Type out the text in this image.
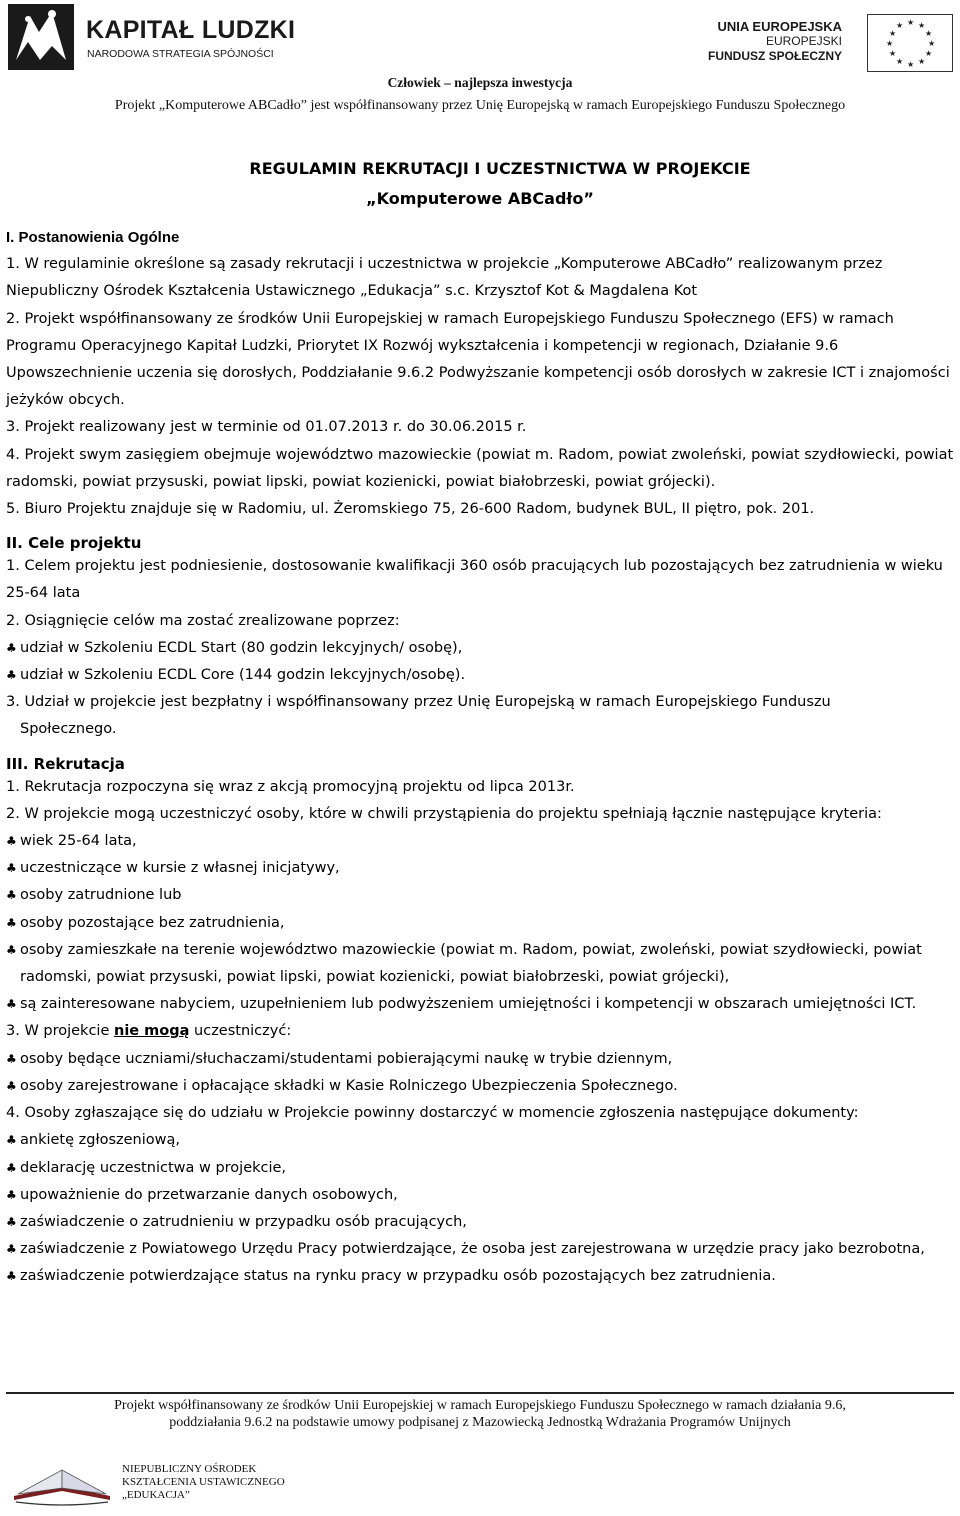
KAPITAŁ LUDZKI
NARODOWA STRATEGIA SPÓJNOŚCI
UNIA EUROPEJSKA
EUROPEJSKI
FUNDUSZ SPOŁECZNY
★ ★
★
★
★
★
★
★
★
★
★
★
Człowiek – najlepsza inwestycja
Projekt „Komputerowe ABCadło” jest współfinansowany przez Unię Europejską w ramach Europejskiego Funduszu Społecznego
REGULAMIN REKRUTACJI I UCZESTNICTWA W PROJEKCIE
„Komputerowe ABCadło”
I. Postanowienia Ogólne

1. W regulaminie określone są zasady rekrutacji i uczestnictwa w projekcie „Komputerowe ABCadło” realizowanym przez Niepubliczny Ośrodek Kształcenia Ustawicznego „Edukacja” s.c. Krzysztof Kot & Magdalena Kot

2. Projekt współfinansowany ze środków Unii Europejskiej w ramach Europejskiego Funduszu Społecznego (EFS) w ramach Programu Operacyjnego Kapitał Ludzki, Priorytet IX Rozwój wykształcenia i kompetencji w regionach, Działanie 9.6 Upowszechnienie uczenia się dorosłych, Poddziałanie 9.6.2 Podwyższanie kompetencji osób dorosłych w zakresie ICT i znajomości jeżyków obcych.

3. Projekt realizowany jest w terminie od 01.07.2013 r. do 30.06.2015 r.

4. Projekt swym zasięgiem obejmuje województwo mazowieckie (powiat m. Radom, powiat zwoleński, powiat szydłowiecki, powiat radomski, powiat przysuski, powiat lipski, powiat kozienicki, powiat białobrzeski, powiat grójecki).

5. Biuro Projektu znajduje się w Radomiu, ul. Żeromskiego 75, 26-600 Radom, budynek BUL, II piętro, pok. 201.

II. Cele projektu

1. Celem projektu jest podniesienie, dostosowanie kwalifikacji 360 osób pracujących lub pozostających bez zatrudnienia w wieku 25-64 lata

2. Osiągnięcie celów ma zostać zrealizowane poprzez:

♣ udział w Szkoleniu ECDL Start (80 godzin lekcyjnych/ osobę),
♣ udział w Szkoleniu ECDL Core (144 godzin lekcyjnych/osobę).

3. Udział w projekcie jest bezpłatny i współfinansowany przez Unię Europejską w ramach Europejskiego Funduszu

Społecznego.

III. Rekrutacja

1. Rekrutacja rozpoczyna się wraz z akcją promocyjną projektu od lipca 2013r.

2. W projekcie mogą uczestniczyć osoby, które w chwili przystąpienia do projektu spełniają łącznie następujące kryteria:

♣ wiek 25-64 lata,
♣ uczestniczące w kursie z własnej inicjatywy,
♣ osoby zatrudnione lub
♣ osoby pozostające bez zatrudnienia,
♣ osoby zamieszkałe na terenie województwo mazowieckie (powiat m. Radom, powiat, zwoleński, powiat szydłowiecki, powiat radomski, powiat przysuski, powiat lipski, powiat kozienicki, powiat białobrzeski, powiat grójecki),
♣ są zainteresowane nabyciem, uzupełnieniem lub podwyższeniem umiejętności i kompetencji w obszarach umiejętności ICT.

3. W projekcie nie mogą uczestniczyć:

♣ osoby będące uczniami/słuchaczami/studentami pobierającymi naukę w trybie dziennym,
♣ osoby zarejestrowane i opłacające składki w Kasie Rolniczego Ubezpieczenia Społecznego.

4. Osoby zgłaszające się do udziału w Projekcie powinny dostarczyć w momencie zgłoszenia następujące dokumenty:

♣ ankietę zgłoszeniową,
♣ deklarację uczestnictwa w projekcie,
♣ upoważnienie do przetwarzanie danych osobowych,
♣ zaświadczenie o zatrudnieniu w przypadku osób pracujących,
♣ zaświadczenie z Powiatowego Urzędu Pracy potwierdzające, że osoba jest zarejestrowana w urzędzie pracy jako bezrobotna,
♣ zaświadczenie potwierdzające status na rynku pracy w przypadku osób pozostających bez zatrudnienia.
Projekt współfinansowany ze środków Unii Europejskiej w ramach Europejskiego Funduszu Społecznego w ramach działania 9.6,
poddziałania 9.6.2 na podstawie umowy podpisanej z Mazowiecką Jednostką Wdrażania Programów Unijnych
NIEPUBLICZNY OŚRODEK
KSZTAŁCENIA USTAWICZNEGO
„EDUKACJA”
